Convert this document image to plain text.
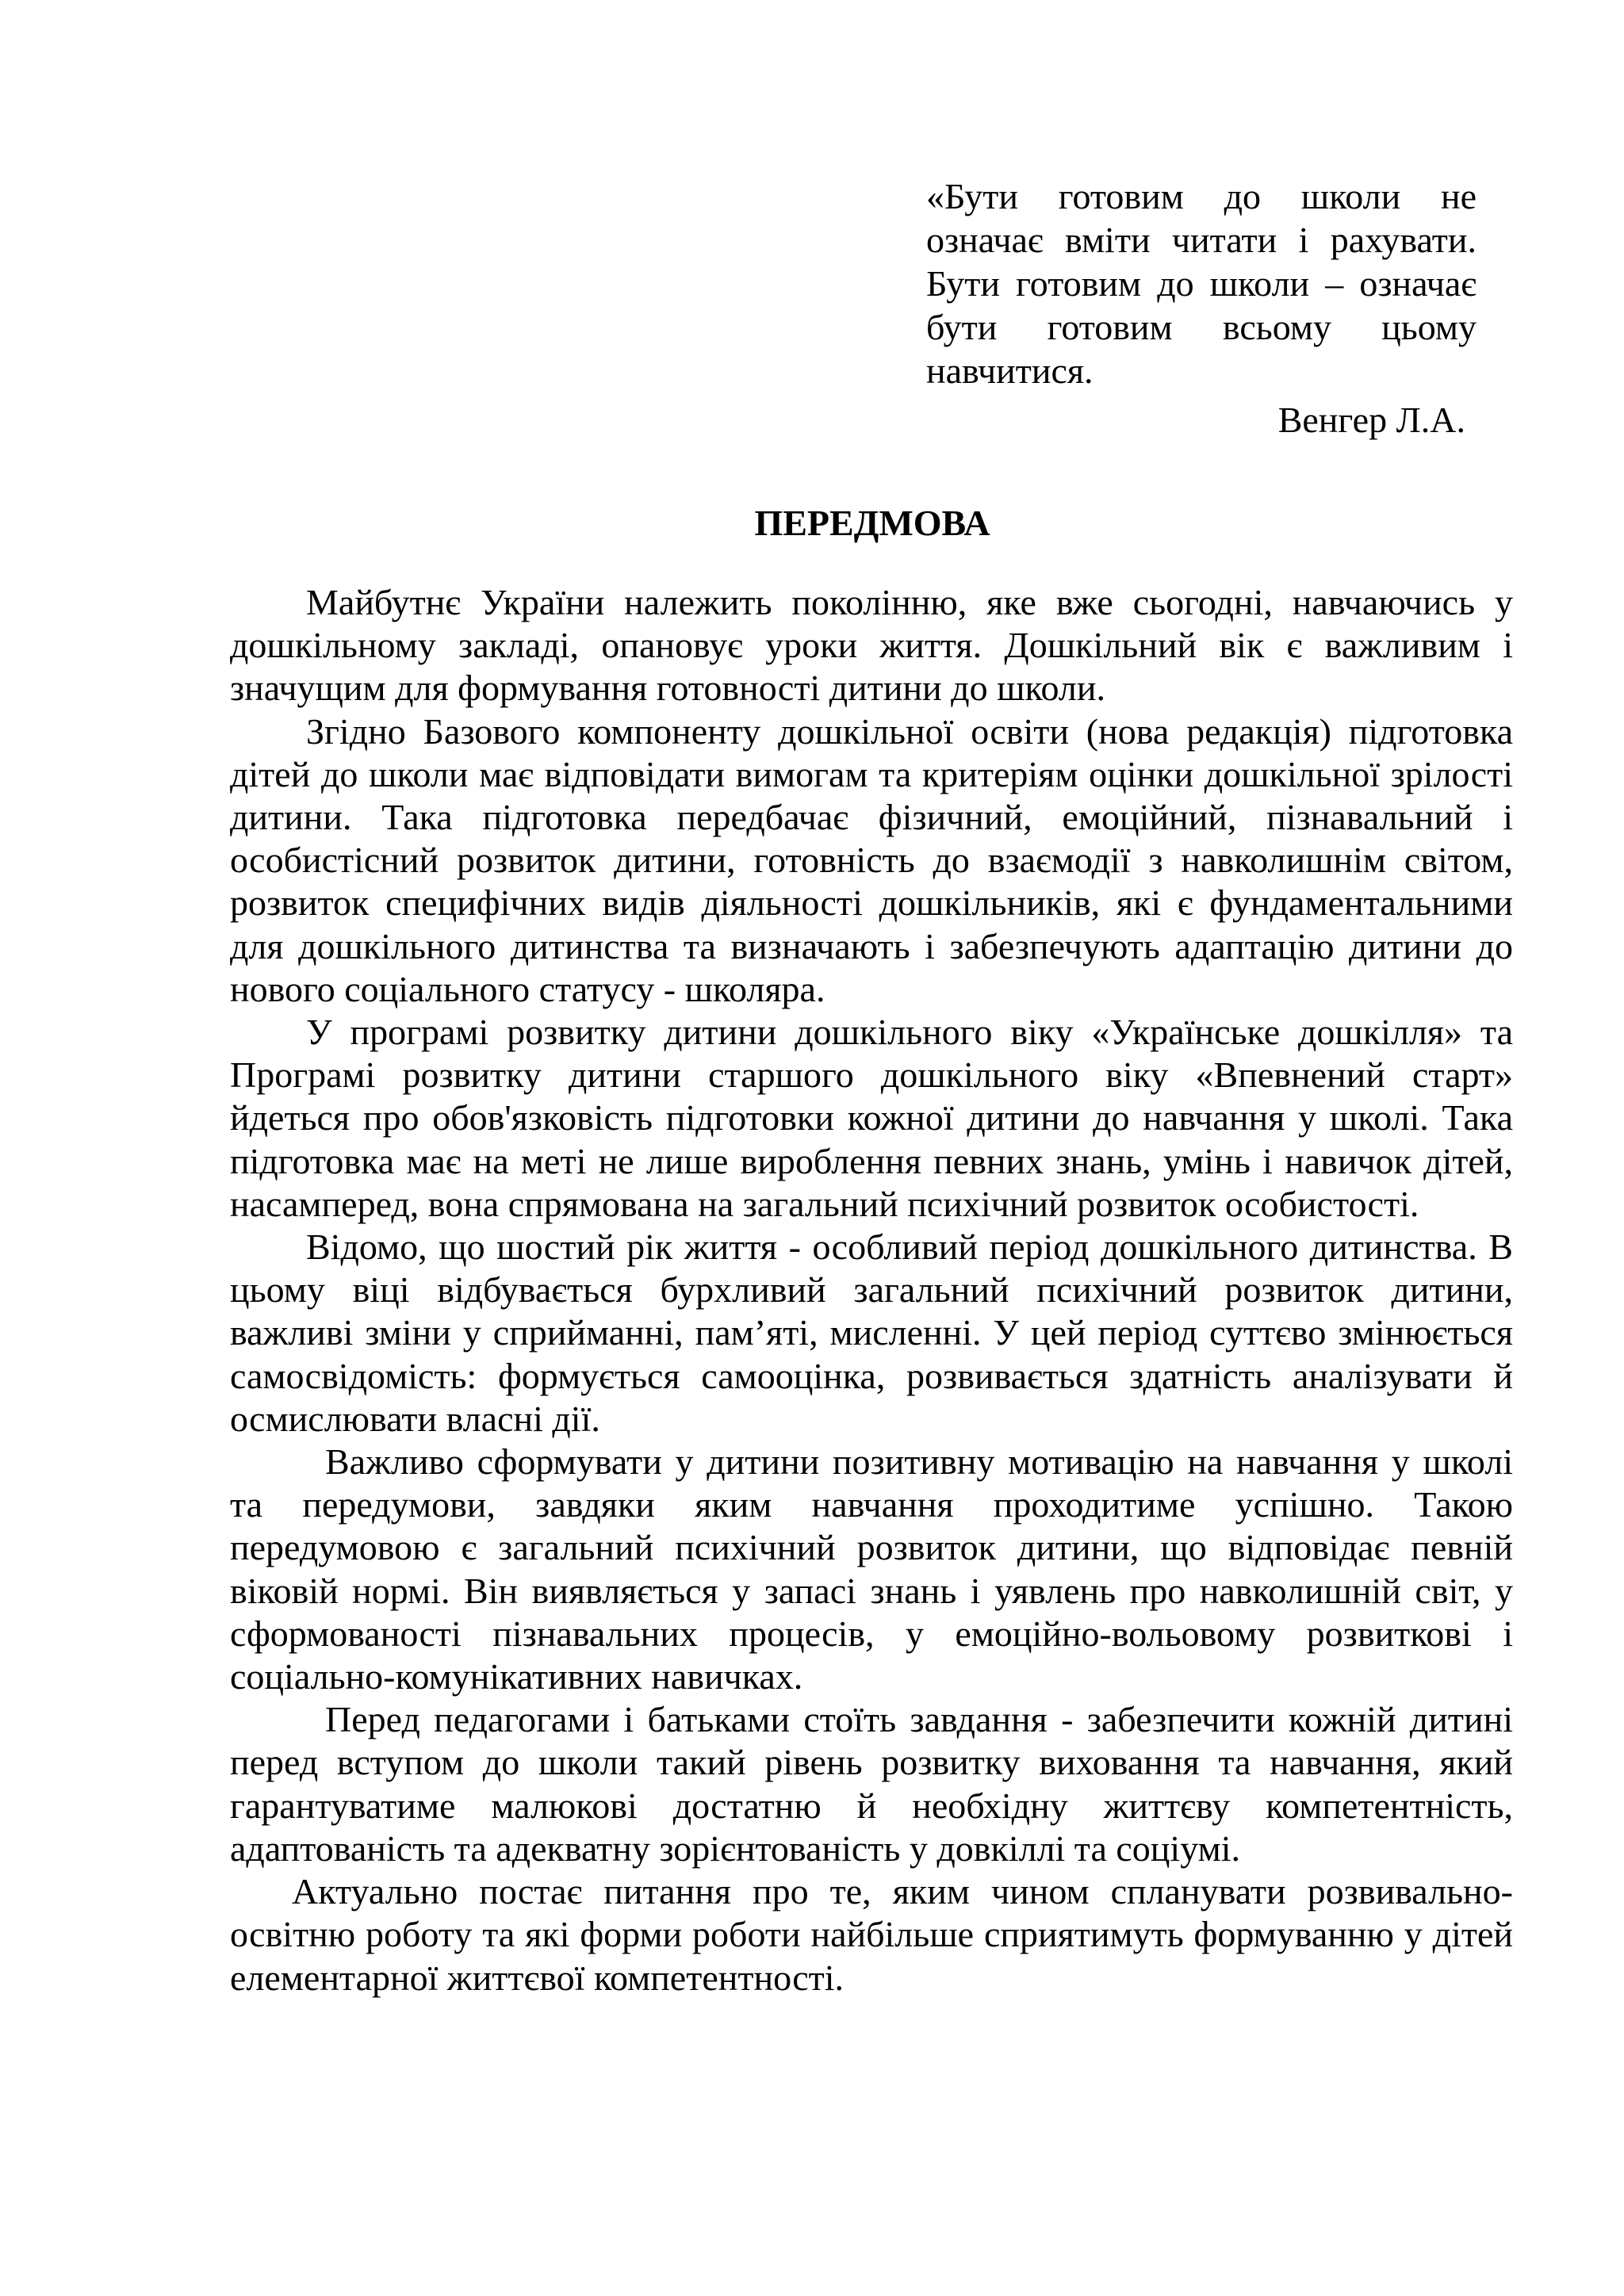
«Бути готовим до школи не означає вміти читати і рахувати. Бути готовим до школи – означає бути готовим всьому цьому навчитися.
Венгер Л.А.
ПЕРЕДМОВА

Майбутнє України належить поколінню, яке вже сьогодні, навчаючись у дошкільному закладі, опановує уроки життя. Дошкільний вік є важливим і значущим для формування готовності дитини до школи.

Згідно Базового компоненту дошкільної освіти (нова редакція) підготовка дітей до школи має відповідати вимогам та критеріям оцінки дошкільної зрілості дитини. Така підготовка передбачає фізичний, емоційний, пізнавальний і особистісний розвиток дитини, готовність до взаємодії з навколишнім світом, розвиток специфічних видів діяльності дошкільників, які є фундаментальними для дошкільного дитинства та визначають і забезпечують адаптацію дитини до нового соціального статусу - школяра.

У програмі розвитку дитини дошкільного віку «Українське дошкілля» та Програмі розвитку дитини старшого дошкільного віку «Впевнений старт» йдеться про обов'язковість підготовки кожної дитини до навчання у школі. Така підготовка має на меті не лише вироблення певних знань, умінь і навичок дітей, насамперед, вона спрямована на загальний психічний розвиток особистості.

Відомо, що шостий рік життя - особливий період дошкільного дитинства. В цьому віці відбувається бурхливий загальний психічний розвиток дитини, важливі зміни у сприйманні, пам’яті, мисленні. У цей період суттєво змінюється самосвідомість: формується самооцінка, розвивається здатність аналізувати й осмислювати власні дії.

Важливо сформувати у дитини позитивну мотивацію на навчання у школі та передумови, завдяки яким навчання проходитиме успішно. Такою передумовою є загальний психічний розвиток дитини, що відповідає певній віковій нормі. Він виявляється у запасі знань і уявлень про навколишній світ, у сформованості пізнавальних процесів, у емоційно-вольовому розвиткові і соціально-комунікативних навичках.

Перед педагогами і батьками стоїть завдання - забезпечити кожній дитині перед вступом до школи такий рівень розвитку виховання та навчання, який гарантуватиме малюкові достатню й необхідну життєву компетентність, адаптованість та адекватну зорієнтованість у довкіллі та соціумі.

Актуально постає питання про те, яким чином спланувати розвивально-освітню роботу та які форми роботи найбільше сприятимуть формуванню у дітей елементарної життєвої компетентності.
